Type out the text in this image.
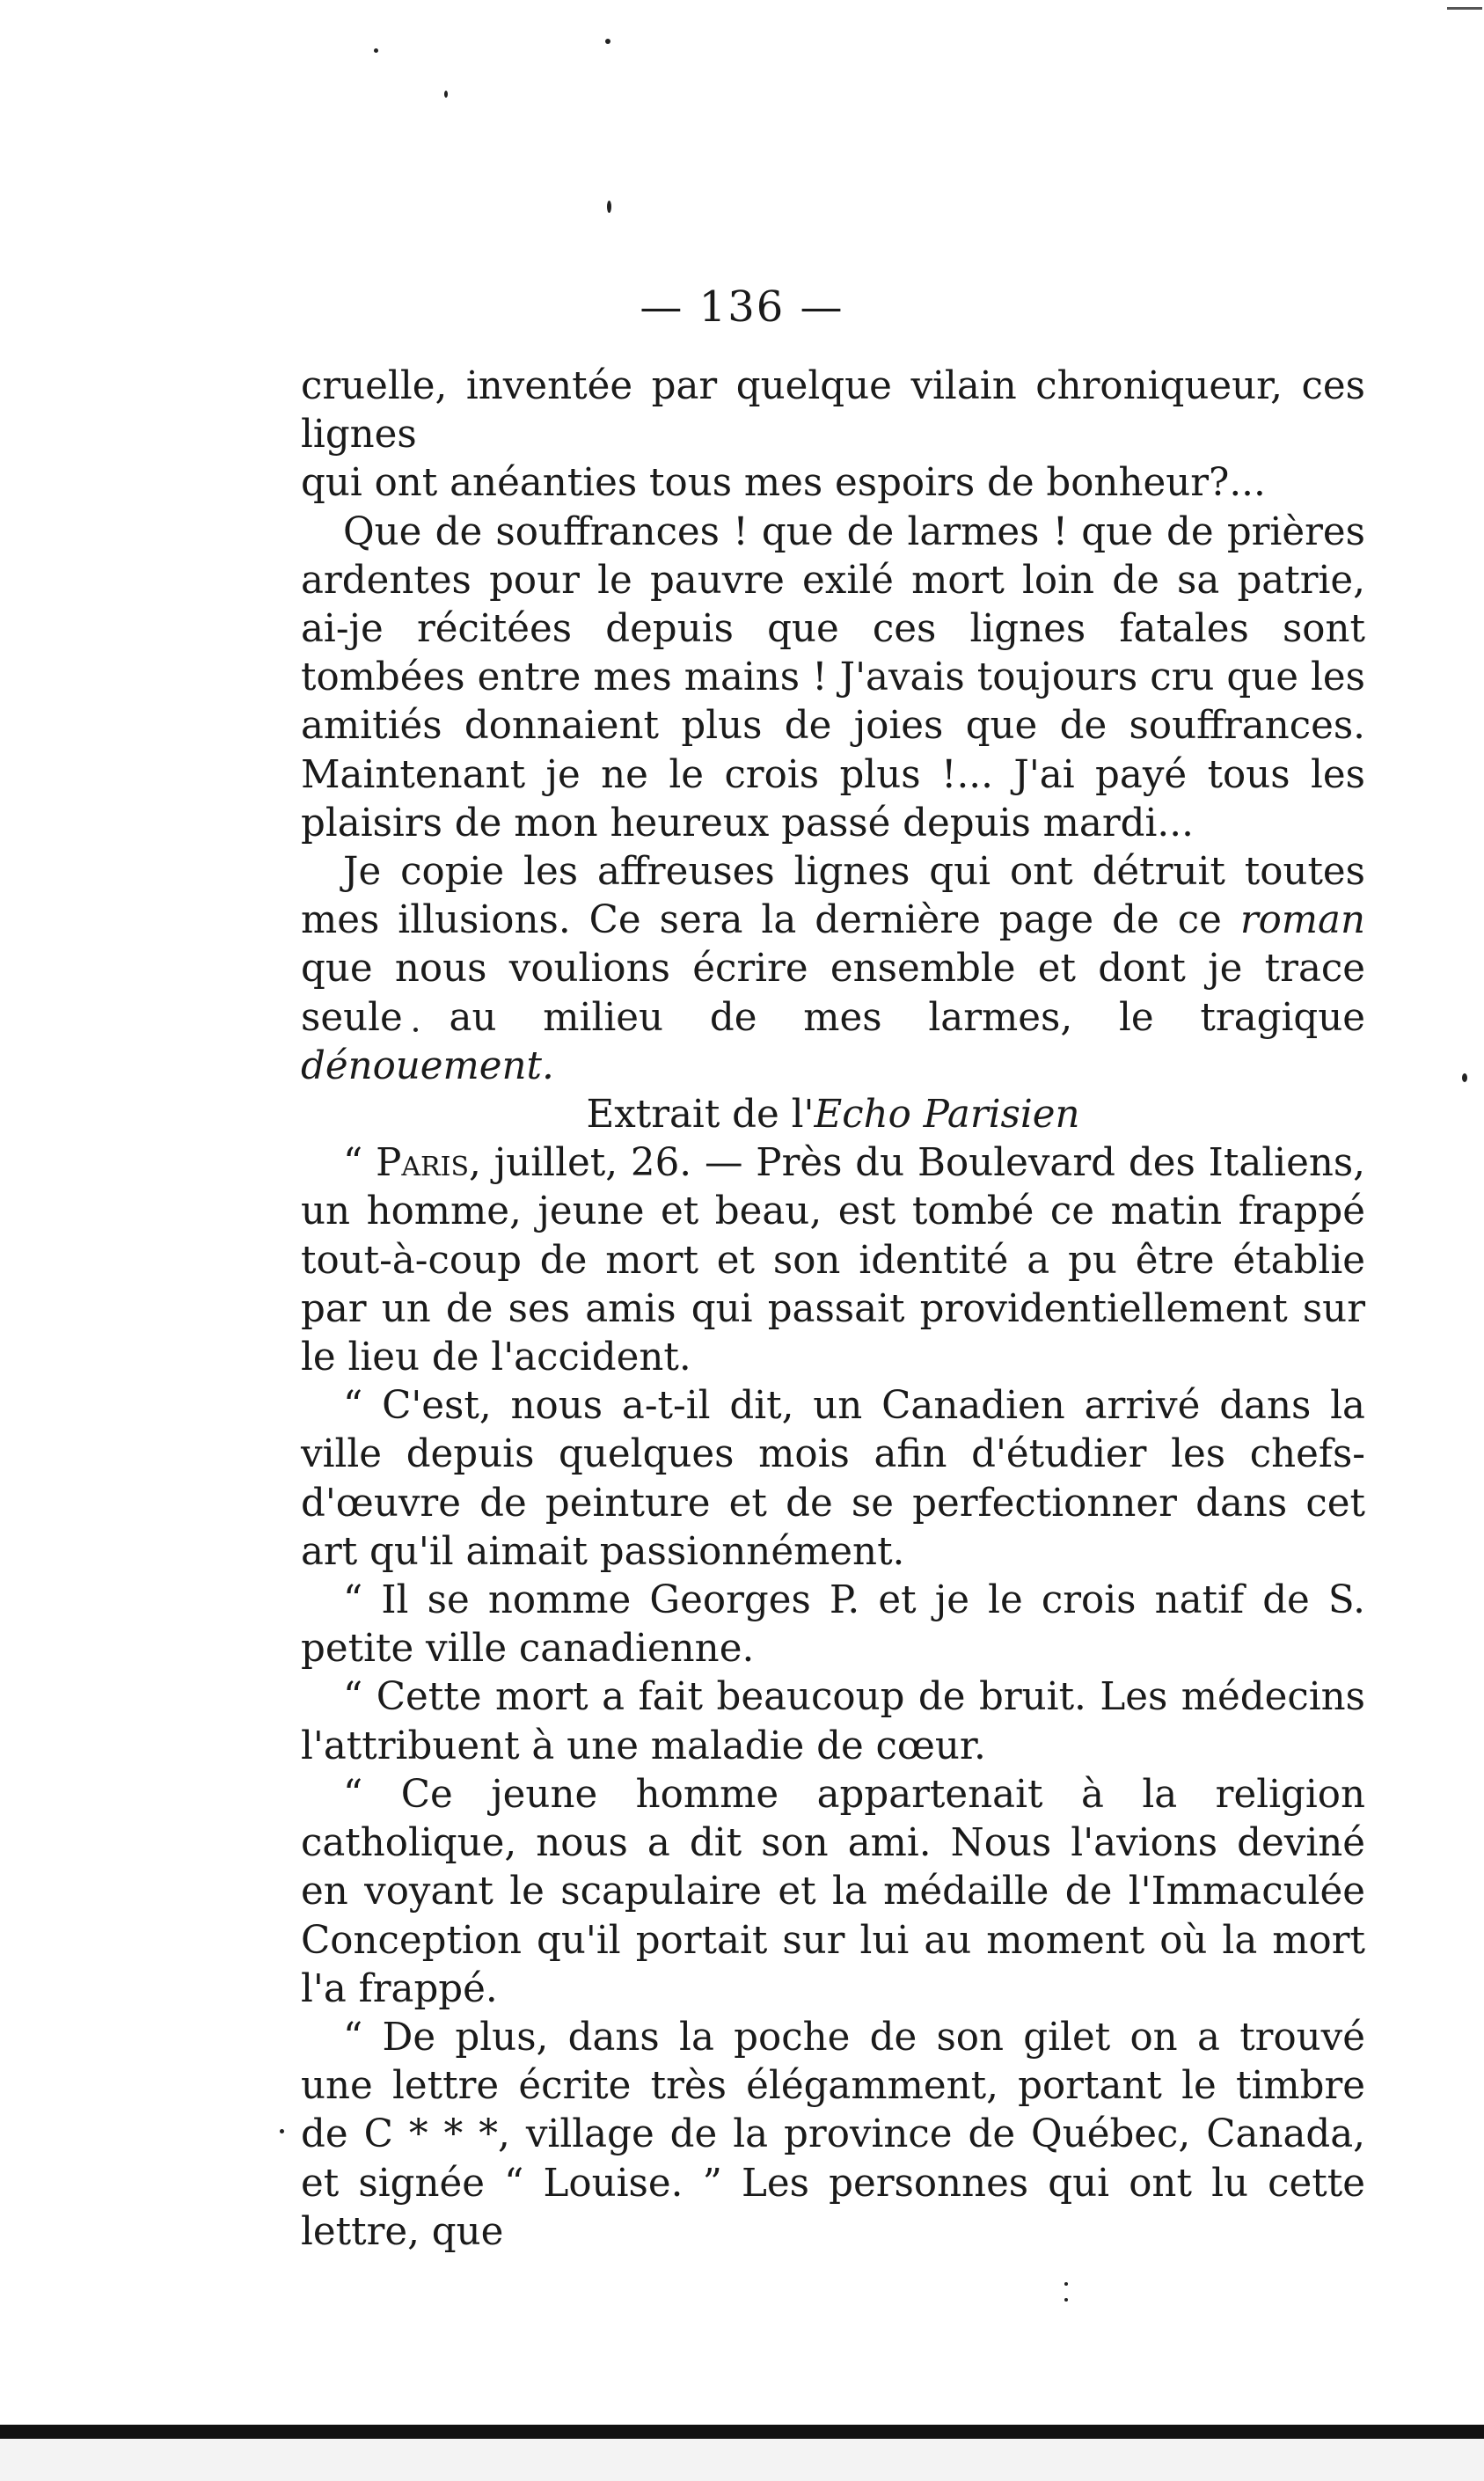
— 136 —

cruelle, inventée par quelque vilain chroniqueur, ces lignes
qui ont anéanties tous mes espoirs de bonheur?...

Que de souffrances ! que de larmes ! que de prières ardentes pour le pauvre exilé mort loin de sa patrie, ai-je récitées depuis que ces lignes fatales sont tombées entre mes mains ! J'avais toujours cru que les amitiés donnaient plus de joies que de souffrances. Maintenant je ne le crois plus !... J'ai payé tous les plaisirs de mon heureux passé depuis mardi...

Je copie les affreuses lignes qui ont détruit toutes mes illusions. Ce sera la dernière page de ce roman que nous voulions écrire ensemble et dont je trace seule au milieu de mes larmes, le tragique dénouement.

Extrait de l'Echo Parisien

“ Paris, juillet, 26. — Près du Boulevard des Italiens, un homme, jeune et beau, est tombé ce matin frappé tout-à-coup de mort et son identité a pu être établie par un de ses amis qui passait providentiellement sur le lieu de l'accident.

“ C'est, nous a-t-il dit, un Canadien arrivé dans la ville depuis quelques mois afin d'étudier les chefs-d'œuvre de peinture et de se perfectionner dans cet art qu'il aimait passionnément.

“ Il se nomme Georges P. et je le crois natif de S. petite ville canadienne.

“ Cette mort a fait beaucoup de bruit. Les médecins l'attribuent à une maladie de cœur.

“ Ce jeune homme appartenait à la religion catholique, nous a dit son ami. Nous l'avions deviné en voyant le scapulaire et la médaille de l'Immaculée Conception qu'il portait sur lui au moment où la mort l'a frappé.

“ De plus, dans la poche de son gilet on a trouvé une lettre écrite très élégamment, portant le timbre de C * * *, village de la province de Québec, Canada, et signée “ Louise. ” Les personnes qui ont lu cette lettre, que
